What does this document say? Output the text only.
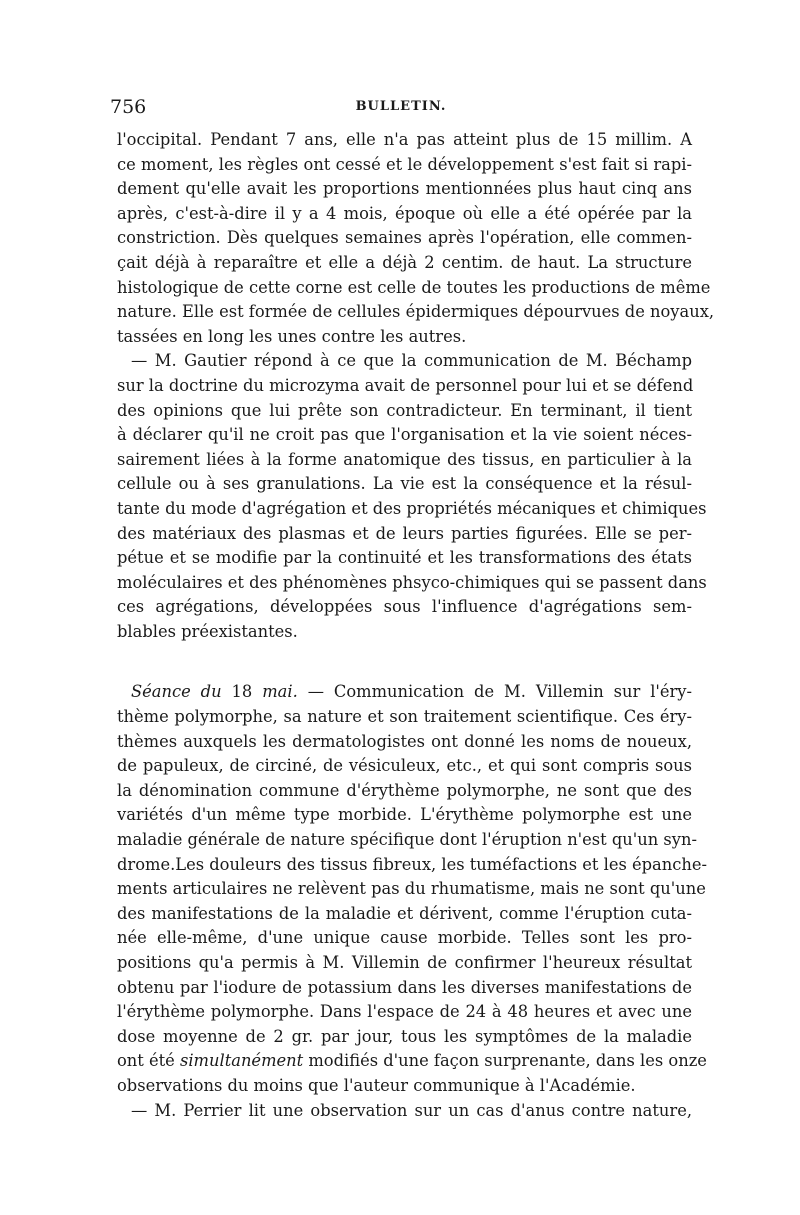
756	BULLETIN.
l'occipital. Pendant 7 ans, elle n'a pas atteint plus de 15 millim. A
ce moment, les règles ont cessé et le développement s'est fait si rapi-
dement qu'elle avait les proportions mentionnées plus haut cinq ans
après, c'est-à-dire il y a 4 mois, époque où elle a été opérée par la
constriction. Dès quelques semaines après l'opération, elle commen-
çait déjà à reparaître et elle a déjà 2 centim. de haut. La structure
histologique de cette corne est celle de toutes les productions de même
nature. Elle est formée de cellules épidermiques dépourvues de noyaux,
tassées en long les unes contre les autres.
— M. Gautier répond à ce que la communication de M. Béchamp
sur la doctrine du microzyma avait de personnel pour lui et se défend
des opinions que lui prête son contradicteur. En terminant, il tient
à déclarer qu'il ne croit pas que l'organisation et la vie soient néces-
sairement liées à la forme anatomique des tissus, en particulier à la
cellule ou à ses granulations. La vie est la conséquence et la résul-
tante du mode d'agrégation et des propriétés mécaniques et chimiques
des matériaux des plasmas et de leurs parties figurées. Elle se per-
pétue et se modifie par la continuité et les transformations des états
moléculaires et des phénomènes phsyco-chimiques qui se passent dans
ces agrégations, développées sous l'influence d'agrégations sem-
blables préexistantes.
Séance du 18 mai. — Communication de M. Villemin sur l'éry-
thème polymorphe, sa nature et son traitement scientifique. Ces éry-
thèmes auxquels les dermatologistes ont donné les noms de noueux,
de papuleux, de circiné, de vésiculeux, etc., et qui sont compris sous
la dénomination commune d'érythème polymorphe, ne sont que des
variétés d'un même type morbide. L'érythème polymorphe est une
maladie générale de nature spécifique dont l'éruption n'est qu'un syn-
drome.Les douleurs des tissus fibreux, les tuméfactions et les épanche-
ments articulaires ne relèvent pas du rhumatisme, mais ne sont qu'une
des manifestations de la maladie et dérivent, comme l'éruption cuta-
née elle-même, d'une unique cause morbide. Telles sont les pro-
positions qu'a permis à M. Villemin de confirmer l'heureux résultat
obtenu par l'iodure de potassium dans les diverses manifestations de
l'érythème polymorphe. Dans l'espace de 24 à 48 heures et avec une
dose moyenne de 2 gr. par jour, tous les symptômes de la maladie
ont été simultanément modifiés d'une façon surprenante, dans les onze
observations du moins que l'auteur communique à l'Académie.
— M. Perrier lit une observation sur un cas d'anus contre nature,
